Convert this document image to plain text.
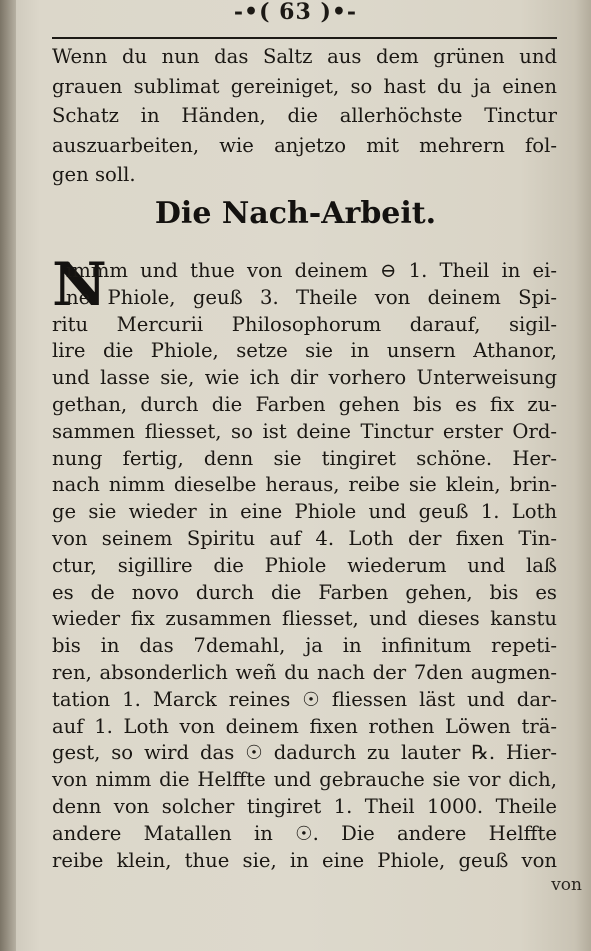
-•( 63 )•-
Wenn du nun das Saltz aus dem grünen und
grauen sublimat gereiniget, so hast du ja einen
Schatz in Händen, die allerhöchste Tinctur
auszuarbeiten, wie anjetzo mit mehrern fol-
gen soll.
Die Nach-Arbeit.
N
immm und thue von deinem ⊖ 1. Theil in ei-
ne Phiole, geuß 3. Theile von deinem Spi-
ritu Mercurii Philosophorum darauf, sigil-
lire die Phiole, setze sie in unsern Athanor,
und lasse sie, wie ich dir vorhero Unterweisung
gethan, durch die Farben gehen bis es fix zu-
sammen fliesset, so ist deine Tinctur erster Ord-
nung fertig, denn sie tingiret schöne. Her-
nach nimm dieselbe heraus, reibe sie klein, brin-
ge sie wieder in eine Phiole und geuß 1. Loth
von seinem Spiritu auf 4. Loth der fixen Tin-
ctur, sigillire die Phiole wiederum und laß
es de novo durch die Farben gehen, bis es
wieder fix zusammen fliesset, und dieses kanstu
bis in das 7demahl, ja in infinitum repeti-
ren, absonderlich weñ du nach der 7den augmen-
tation 1. Marck reines ☉ fliessen läst und dar-
auf 1. Loth von deinem fixen rothen Löwen trä-
gest, so wird das ☉ dadurch zu lauter ℞. Hier-
von nimm die Helffte und gebrauche sie vor dich,
denn von solcher tingiret 1. Theil 1000. Theile
andere Matallen in ☉. Die andere Helffte
reibe klein, thue sie, in eine Phiole, geuß von
von
